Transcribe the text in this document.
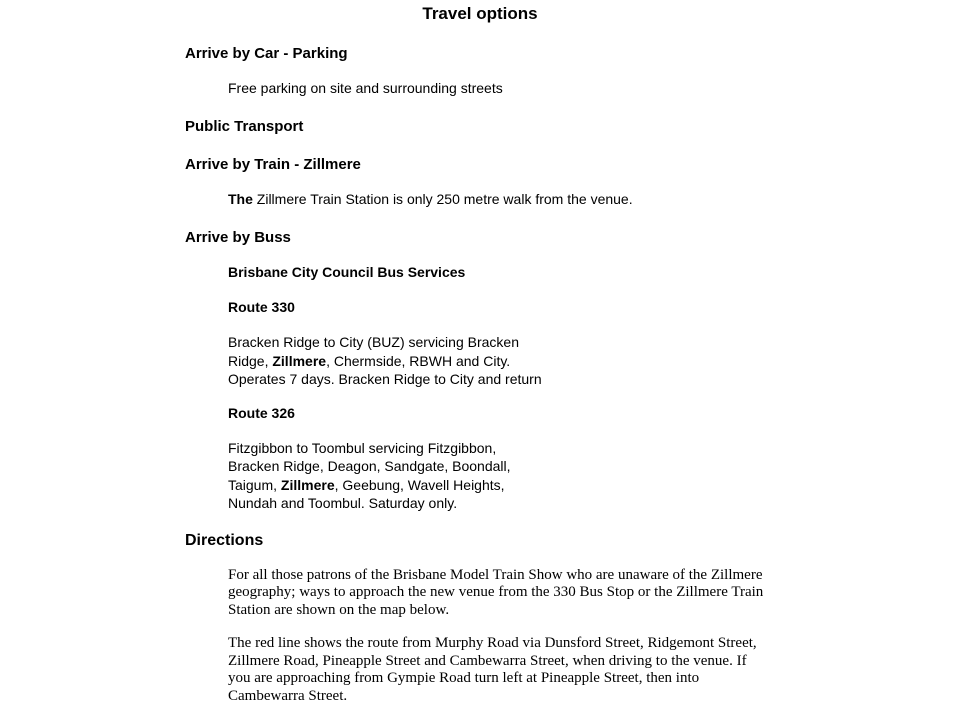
Travel options
Arrive by Car - Parking
Free parking on site and surrounding streets
Public Transport
Arrive by Train - Zillmere
The Zillmere Train Station is only 250 metre walk from the venue.
Arrive by Buss
Brisbane City Council Bus Services
Route 330
Bracken Ridge to City (BUZ) servicing Bracken Ridge, Zillmere, Chermside, RBWH and City. Operates 7 days. Bracken Ridge to City and return
Route 326
Fitzgibbon to Toombul servicing Fitzgibbon, Bracken Ridge, Deagon, Sandgate, Boondall, Taigum, Zillmere, Geebung, Wavell Heights, Nundah and Toombul. Saturday only.
Directions
For all those patrons of the Brisbane Model Train Show who are unaware of the Zillmere geography; ways to approach the new venue from the 330 Bus Stop or the Zillmere Train Station are shown on the map below.
The red line shows the route from Murphy Road via Dunsford Street, Ridgemont Street, Zillmere Road, Pineapple Street and Cambewarra Street, when driving to the venue. If you are approaching from Gympie Road turn left at Pineapple Street, then into Cambewarra Street.
